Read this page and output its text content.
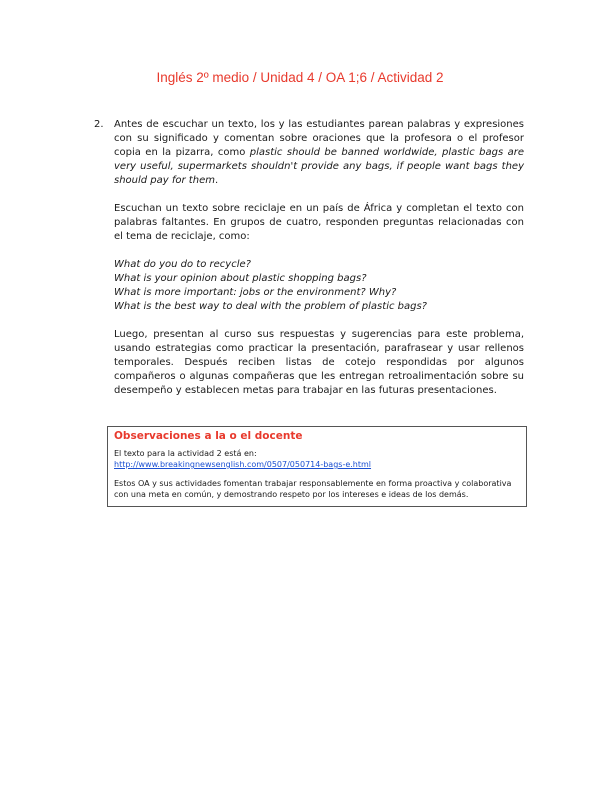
Inglés 2º medio / Unidad 4 / OA 1;6 / Actividad 2
2. Antes de escuchar un texto, los y las estudiantes parean palabras y expresiones con su significado y comentan sobre oraciones que la profesora o el profesor copia en la pizarra, como plastic should be banned worldwide, plastic bags are very useful, supermarkets shouldn't provide any bags, if people want bags they should pay for them.

Escuchan un texto sobre reciclaje en un país de África y completan el texto con palabras faltantes. En grupos de cuatro, responden preguntas relacionadas con el tema de reciclaje, como:

What do you do to recycle?
What is your opinion about plastic shopping bags?
What is more important: jobs or the environment? Why?
What is the best way to deal with the problem of plastic bags?

Luego, presentan al curso sus respuestas y sugerencias para este problema, usando estrategias como practicar la presentación, parafrasear y usar rellenos temporales. Después reciben listas de cotejo respondidas por algunos compañeros o algunas compañeras que les entregan retroalimentación sobre su desempeño y establecen metas para trabajar en las futuras presentaciones.

Observaciones a la o el docente
El texto para la actividad 2 está en:
http://www.breakingnewsenglish.com/0507/050714-bags-e.html
Estos OA y sus actividades fomentan trabajar responsablemente en forma proactiva y colaborativa con una meta en común, y demostrando respeto por los intereses e ideas de los demás.
